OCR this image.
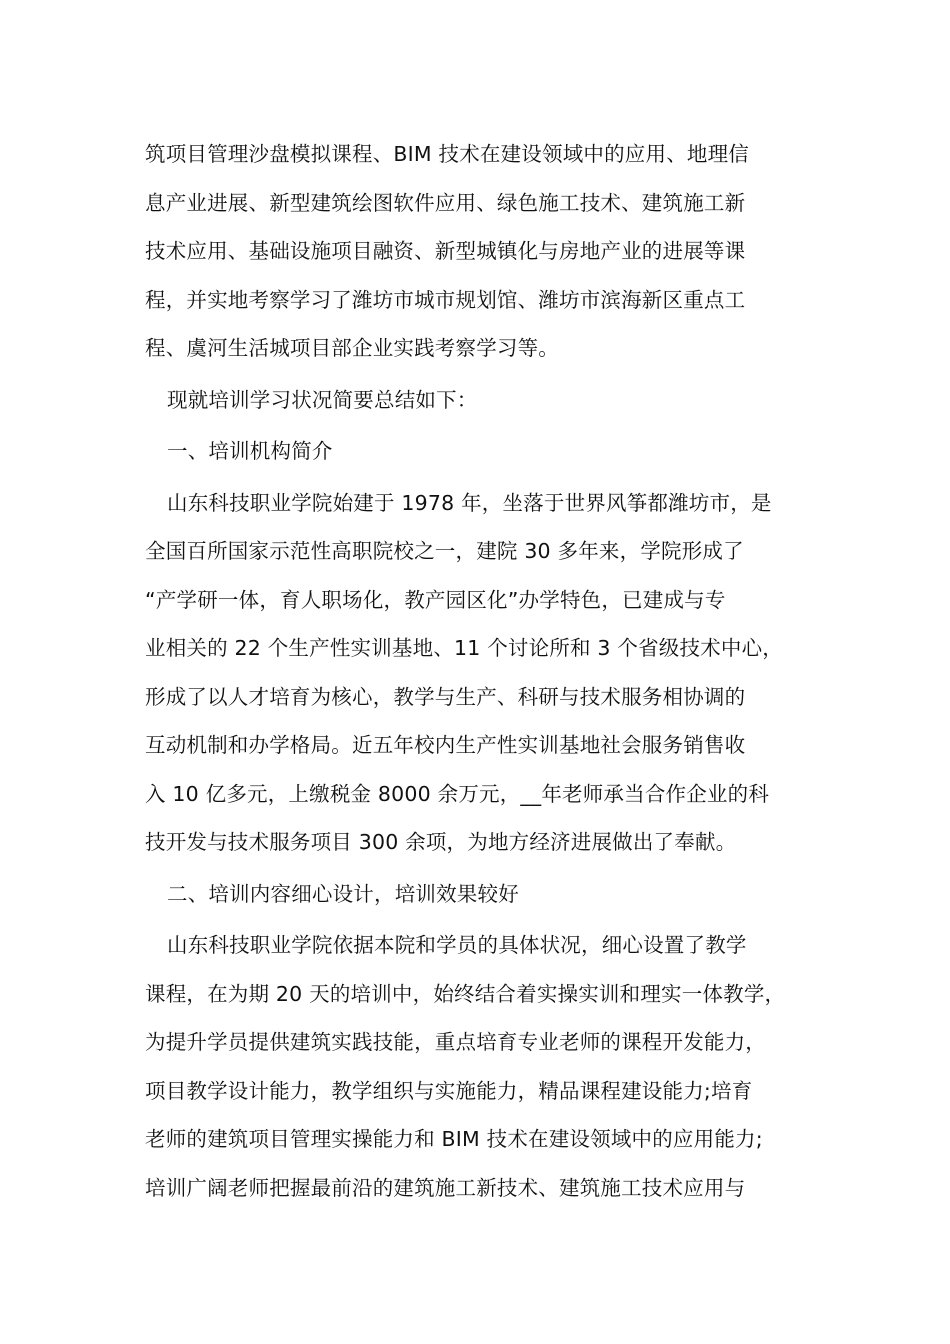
筑项目管理沙盘模拟课程、BIM 技术在建设领域中的应用、地理信
息产业进展、新型建筑绘图软件应用、绿色施工技术、建筑施工新
技术应用、基础设施项目融资、新型城镇化与房地产业的进展等课
程，并实地考察学习了潍坊市城市规划馆、潍坊市滨海新区重点工
程、虞河生活城项目部企业实践考察学习等。
现就培训学习状况简要总结如下：
一、培训机构简介
山东科技职业学院始建于 1978 年，坐落于世界风筝都潍坊市，是
全国百所国家示范性高职院校之一，建院 30 多年来，学院形成了
“产学研一体，育人职场化，教产园区化”办学特色，已建成与专
业相关的 22 个生产性实训基地、11 个讨论所和 3 个省级技术中心，
形成了以人才培育为核心，教学与生产、科研与技术服务相协调的
互动机制和办学格局。近五年校内生产性实训基地社会服务销售收
入 10 亿多元，上缴税金 8000 余万元，__年老师承当合作企业的科
技开发与技术服务项目 300 余项，为地方经济进展做出了奉献。
二、培训内容细心设计，培训效果较好
山东科技职业学院依据本院和学员的具体状况，细心设置了教学
课程，在为期 20 天的培训中，始终结合着实操实训和理实一体教学，
为提升学员提供建筑实践技能，重点培育专业老师的课程开发能力，
项目教学设计能力，教学组织与实施能力，精品课程建设能力;培育
老师的建筑项目管理实操能力和 BIM 技术在建设领域中的应用能力;
培训广阔老师把握最前沿的建筑施工新技术、建筑施工技术应用与
